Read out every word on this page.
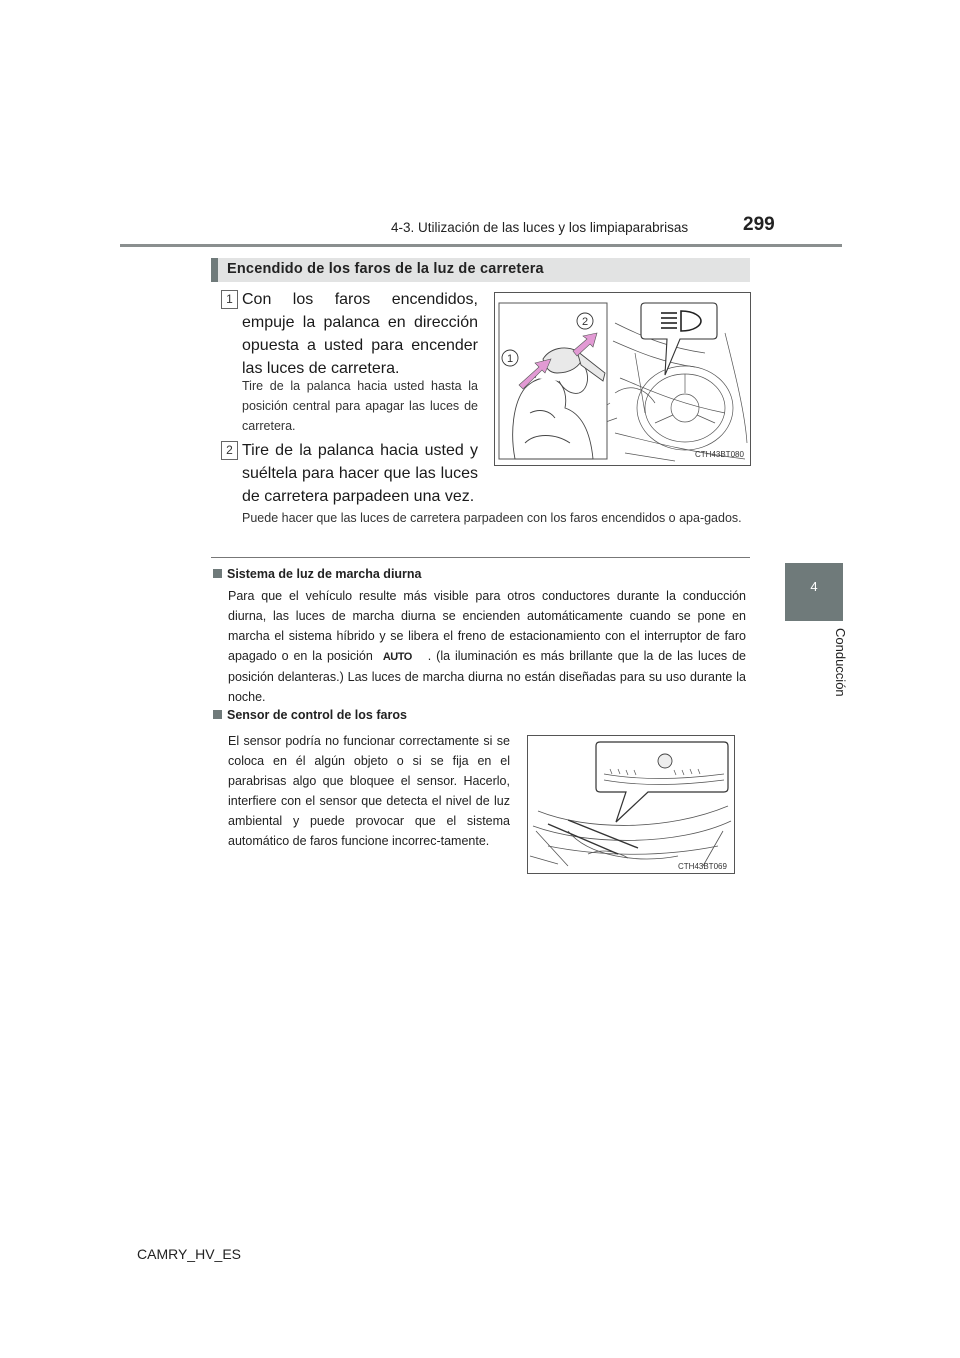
4-3. Utilización de las luces y los limpiaparabrisas	299
4
Conducción
Encendido de los faros de la luz de carretera
1 Con los faros encendidos, empuje la palanca en dirección opuesta a usted para encender las luces de carretera.
Tire de la palanca hacia usted hasta la posición central para apagar las luces de carretera.
2 Tire de la palanca hacia usted y suéltela para hacer que las luces de carretera parpadeen una vez.
Puede hacer que las luces de carretera parpadeen con los faros encendidos o apa-gados.
1
2
CTH43BT080
Sistema de luz de marcha diurna
Para que el vehículo resulte más visible para otros conductores durante la conducción diurna, las luces de marcha diurna se encienden automáticamente cuando se pone en marcha el sistema híbrido y se libera el freno de estacionamiento con el interruptor de faro apagado o en la posición AUTO . (la iluminación es más brillante que la de las luces de posición delanteras.) Las luces de marcha diurna no están diseñadas para su uso durante la noche.
Sensor de control de los faros
El sensor podría no funcionar correctamente si se coloca en él algún objeto o si se fija en el parabrisas algo que bloquee el sensor. Hacerlo, interfiere con el sensor que detecta el nivel de luz ambiental y puede provocar que el sistema automático de faros funcione incorrec-tamente.
CTH43BT069
CAMRY_HV_ES
